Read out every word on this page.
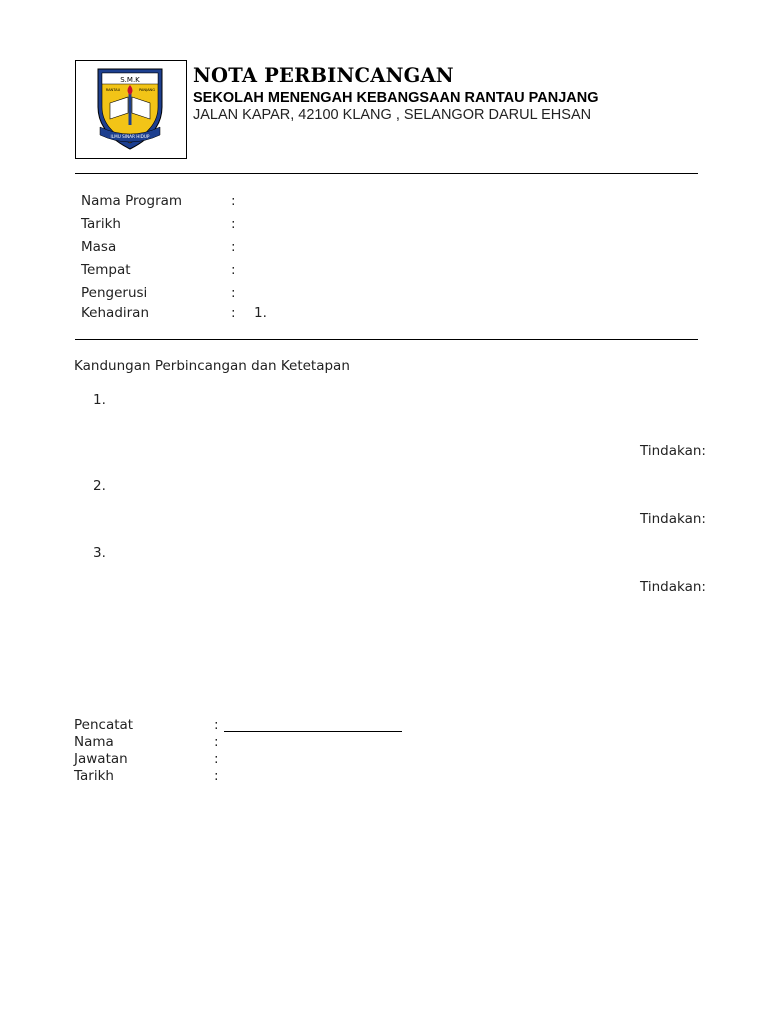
S.M.K
RANTAU	PANJANG
ILMU SINAR HIDUP
NOTA PERBINCANGAN
SEKOLAH MENENGAH KEBANGSAAN RANTAU PANJANG
JALAN KAPAR, 42100 KLANG , SELANGOR DARUL EHSAN
Nama Program	:
Tarikh	:
Masa	:
Tempat	:
Pengerusi	:
Kehadiran	: 1.
Kandungan Perbincangan dan Ketetapan
1.
Tindakan:
2.
Tindakan:
3.
Tindakan:
Pencatat	:
Nama	:
Jawatan	:
Tarikh	:
